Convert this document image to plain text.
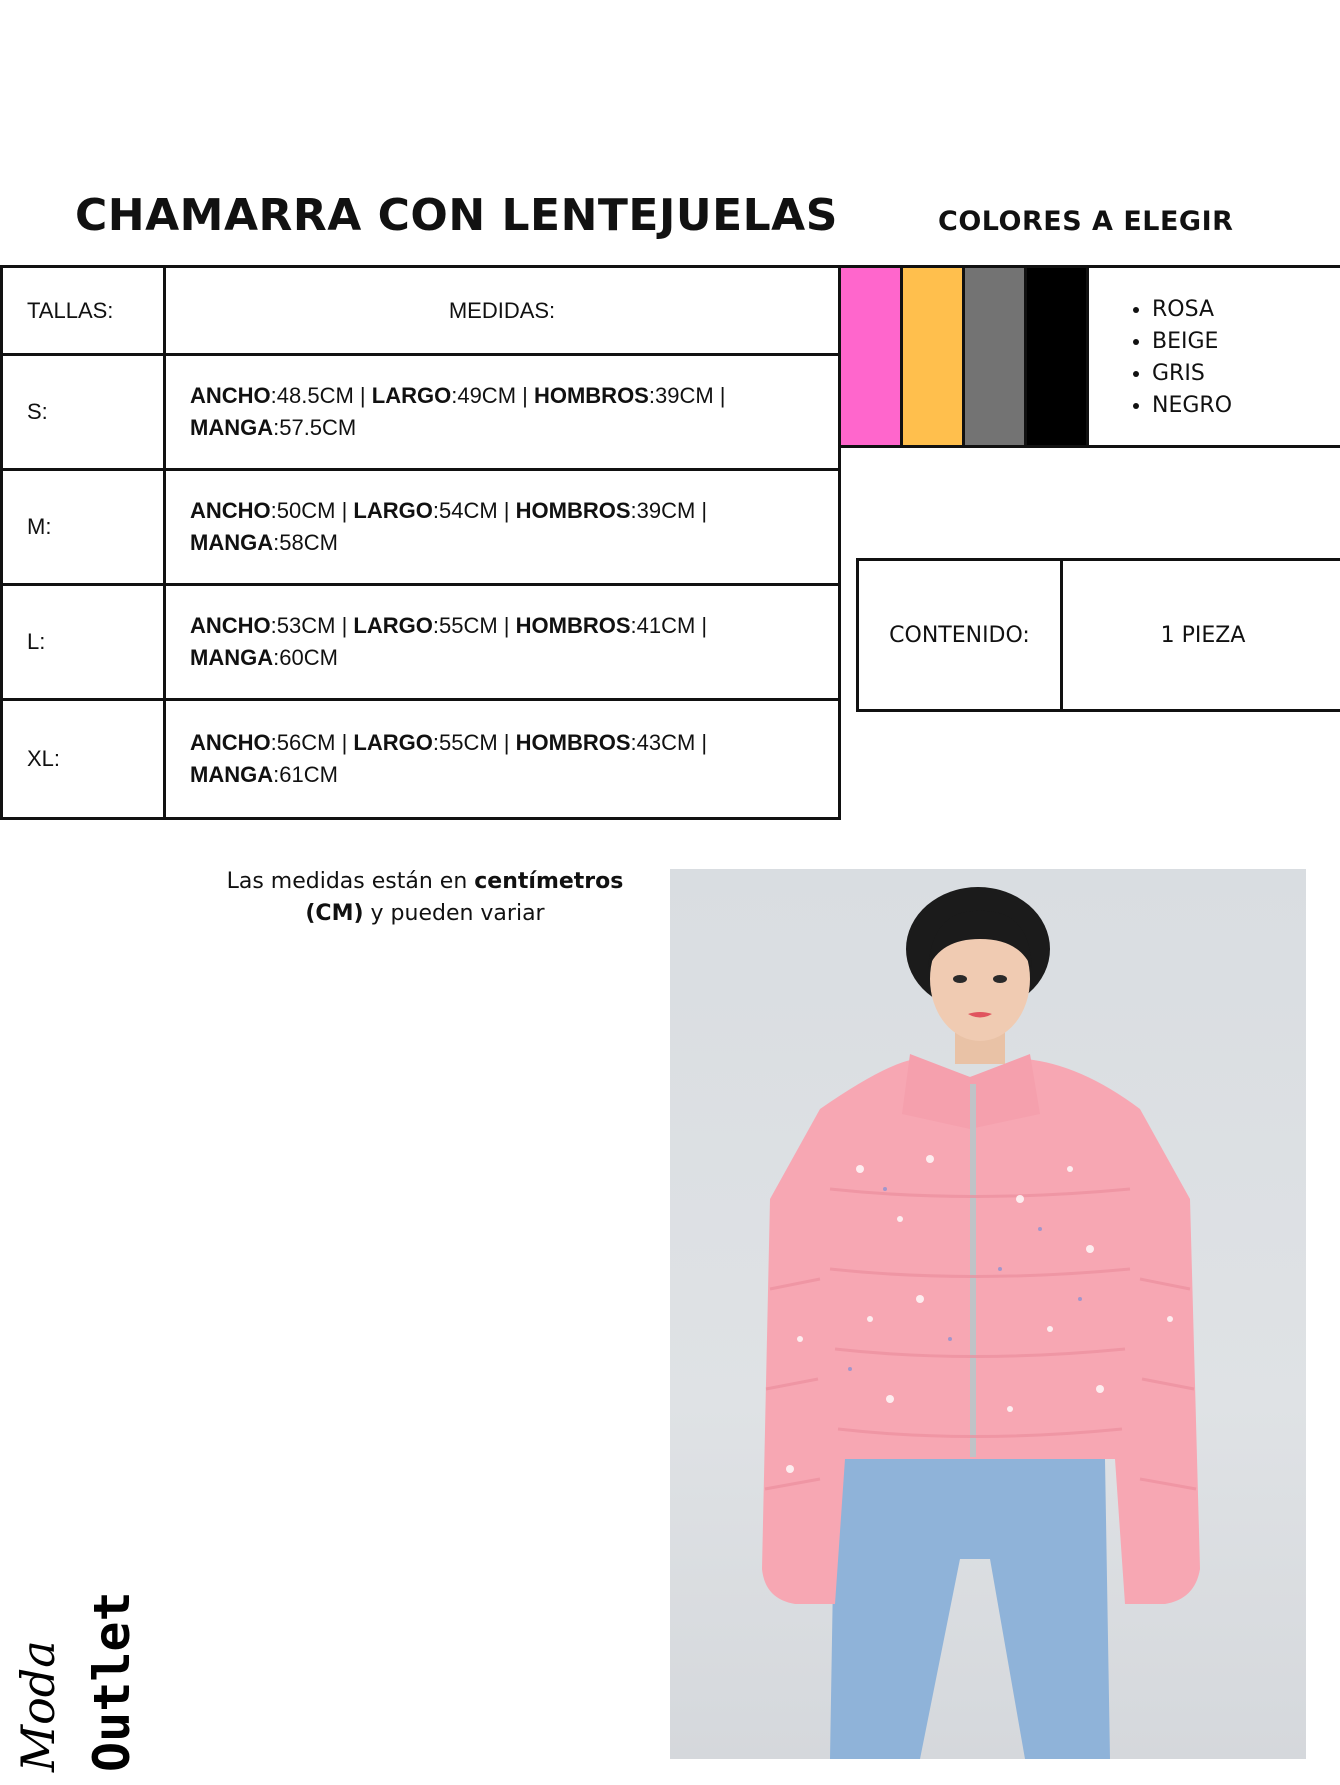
CHAMARRA CON LENTEJUELAS	COLORES A ELEGIR
TALLAS:	MEDIDAS:
S:	ANCHO:48.5CM | LARGO:49CM | HOMBROS:39CM |
MANGA:57.5CM

M:	ANCHO:50CM | LARGO:54CM | HOMBROS:39CM |
MANGA:58CM

L:	ANCHO:53CM | LARGO:55CM | HOMBROS:41CM |
MANGA:60CM

XL:	ANCHO:56CM | LARGO:55CM | HOMBROS:43CM |
MANGA:61CM
• ROSA
• BEIGE
• GRIS
• NEGRO
CONTENIDO:	1 PIEZA
Las medidas están en centímetros
(CM) y pueden variar
Moda Outlet
